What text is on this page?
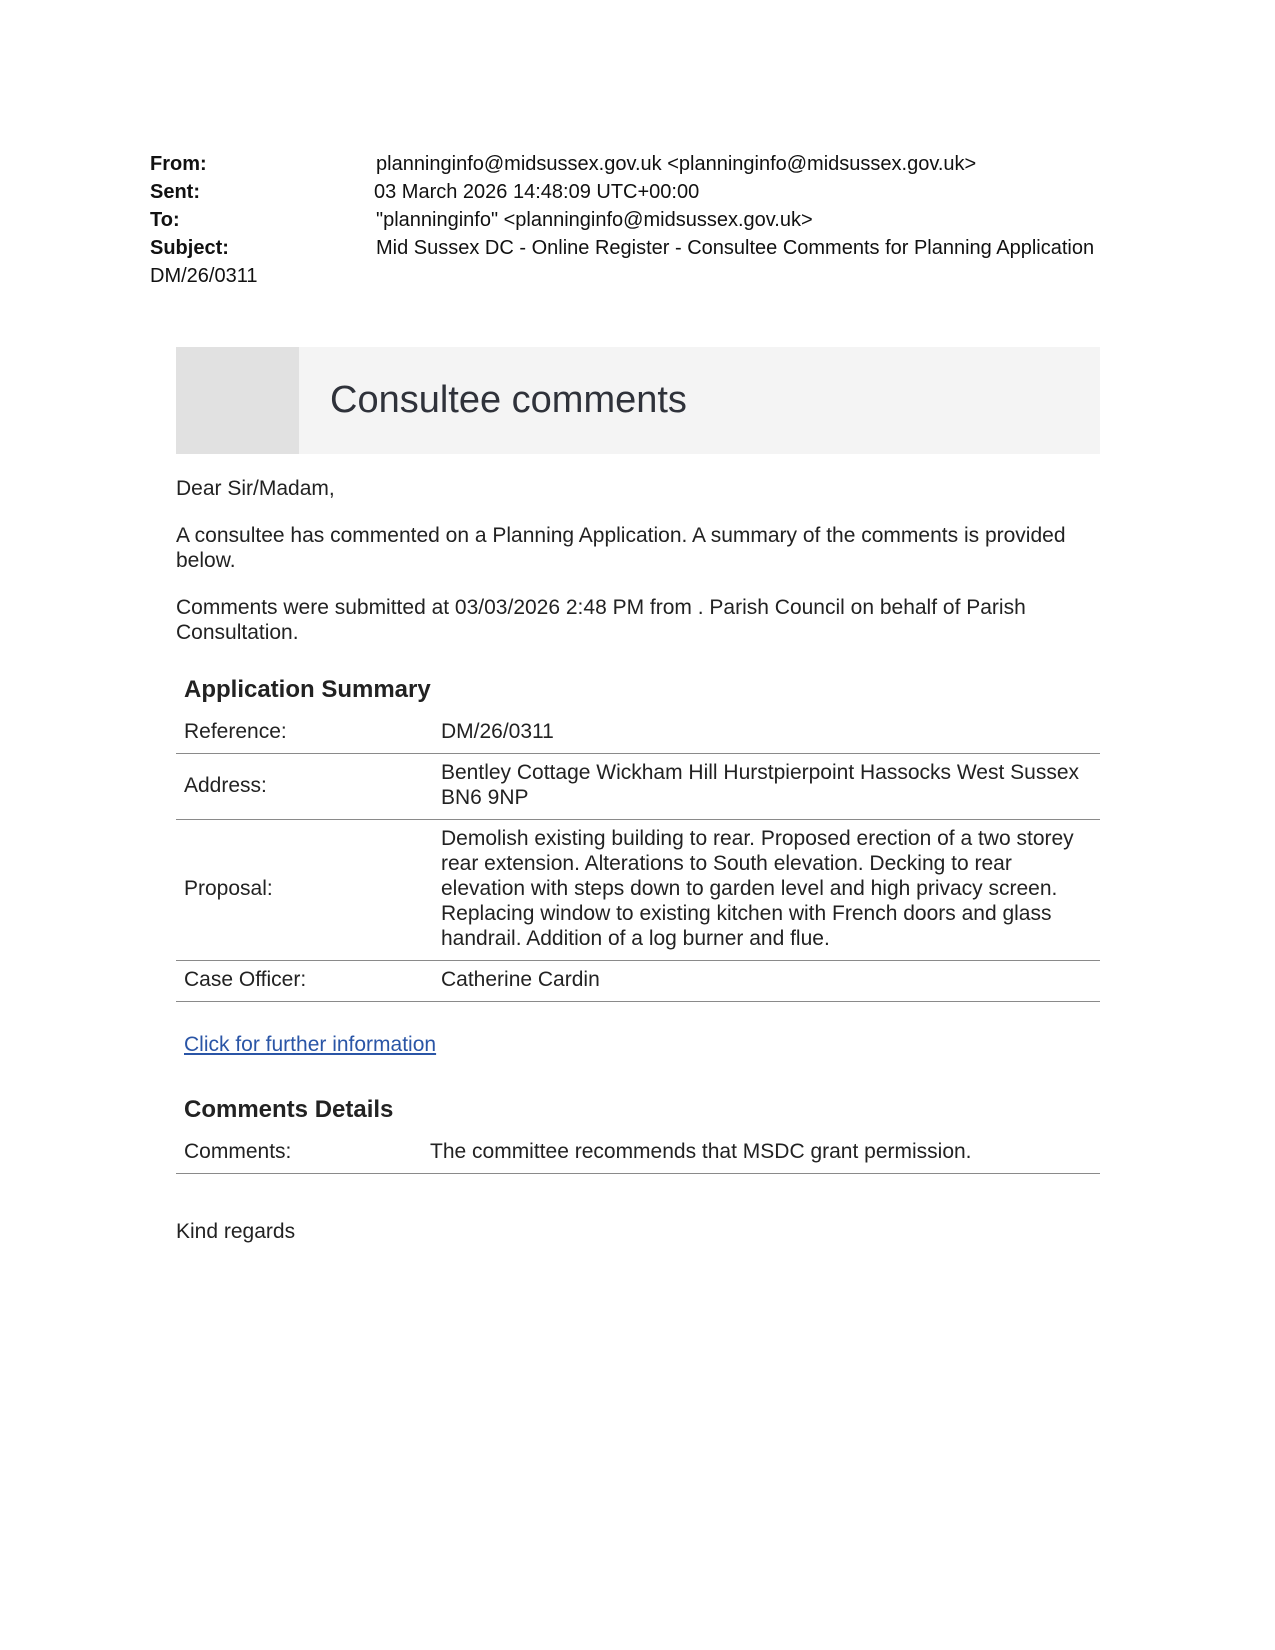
From:	planninginfo@midsussex.gov.uk <planninginfo@midsussex.gov.uk>
Sent:	03 March 2026 14:48:09 UTC+00:00
To:	"planninginfo" <planninginfo@midsussex.gov.uk>
Subject:	Mid Sussex DC - Online Register - Consultee Comments for Planning Application
DM/26/0311
Consultee comments

Dear Sir/Madam,

A consultee has commented on a Planning Application. A summary of the comments is provided below.

Comments were submitted at 03/03/2026 2:48 PM from . Parish Council on behalf of Parish Consultation.

Application Summary
Reference:	DM/26/0311
Address:	Bentley Cottage Wickham Hill Hurstpierpoint Hassocks West Sussex BN6 9NP
Proposal:	Demolish existing building to rear. Proposed erection of a two storey rear extension. Alterations to South elevation. Decking to rear elevation with steps down to garden level and high privacy screen. Replacing window to existing kitchen with French doors and glass handrail. Addition of a log burner and flue.
Case Officer:	Catherine Cardin
Click for further information
Comments Details
Comments:	The committee recommends that MSDC grant permission.
Kind regards
